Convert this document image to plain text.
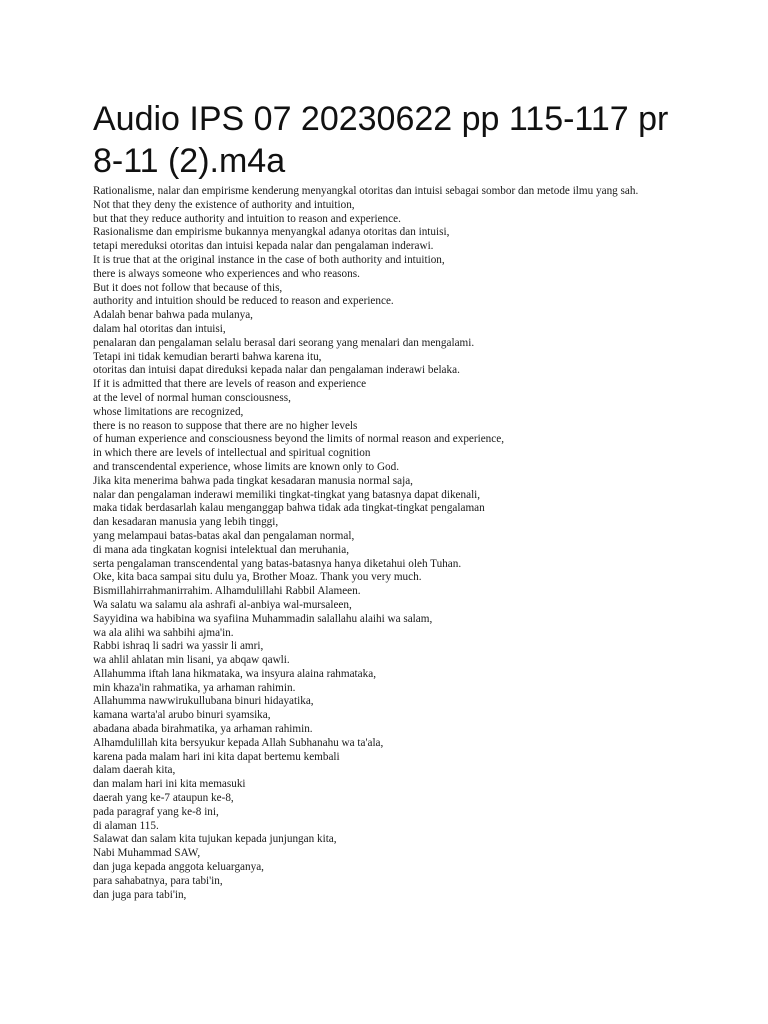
Audio IPS 07 20230622 pp 115-117 pr 8-11 (2).m4a
Rationalisme, nalar dan empirisme kenderung menyangkal otoritas dan intuisi sebagai sombor dan metode ilmu yang sah.
Not that they deny the existence of authority and intuition,
but that they reduce authority and intuition to reason and experience.
Rasionalisme dan empirisme bukannya menyangkal adanya otoritas dan intuisi,
tetapi mereduksi otoritas dan intuisi kepada nalar dan pengalaman inderawi.
It is true that at the original instance in the case of both authority and intuition,
there is always someone who experiences and who reasons.
But it does not follow that because of this,
authority and intuition should be reduced to reason and experience.
Adalah benar bahwa pada mulanya,
dalam hal otoritas dan intuisi,
penalaran dan pengalaman selalu berasal dari seorang yang menalari dan mengalami.
Tetapi ini tidak kemudian berarti bahwa karena itu,
otoritas dan intuisi dapat direduksi kepada nalar dan pengalaman inderawi belaka.
If it is admitted that there are levels of reason and experience
at the level of normal human consciousness,
whose limitations are recognized,
there is no reason to suppose that there are no higher levels
of human experience and consciousness beyond the limits of normal reason and experience,
in which there are levels of intellectual and spiritual cognition
and transcendental experience, whose limits are known only to God.
Jika kita menerima bahwa pada tingkat kesadaran manusia normal saja,
nalar dan pengalaman inderawi memiliki tingkat-tingkat yang batasnya dapat dikenali,
maka tidak berdasarlah kalau menganggap bahwa tidak ada tingkat-tingkat pengalaman
dan kesadaran manusia yang lebih tinggi,
yang melampaui batas-batas akal dan pengalaman normal,
di mana ada tingkatan kognisi intelektual dan meruhania,
serta pengalaman transcendental yang batas-batasnya hanya diketahui oleh Tuhan.
Oke, kita baca sampai situ dulu ya, Brother Moaz. Thank you very much.
Bismillahirrahmanirrahim. Alhamdulillahi Rabbil Alameen.
Wa salatu wa salamu ala ashrafi al-anbiya wal-mursaleen,
Sayyidina wa habibina wa syafiina Muhammadin salallahu alaihi wa salam,
wa ala alihi wa sahbihi ajma'in.
Rabbi ishraq li sadri wa yassir li amri,
wa ahlil ahlatan min lisani, ya abqaw qawli.
Allahumma iftah lana hikmataka, wa insyura alaina rahmataka,
min khaza'in rahmatika, ya arhaman rahimin.
Allahumma nawwirukullubana binuri hidayatika,
kamana warta'al arubo binuri syamsika,
abadana abada birahmatika, ya arhaman rahimin.
Alhamdulillah kita bersyukur kepada Allah Subhanahu wa ta'ala,
karena pada malam hari ini kita dapat bertemu kembali
dalam daerah kita,
dan malam hari ini kita memasuki
daerah yang ke-7 ataupun ke-8,
pada paragraf yang ke-8 ini,
di alaman 115.
Salawat dan salam kita tujukan kepada junjungan kita,
Nabi Muhammad SAW,
dan juga kepada anggota keluarganya,
para sahabatnya, para tabi'in,
dan juga para tabi'in,
